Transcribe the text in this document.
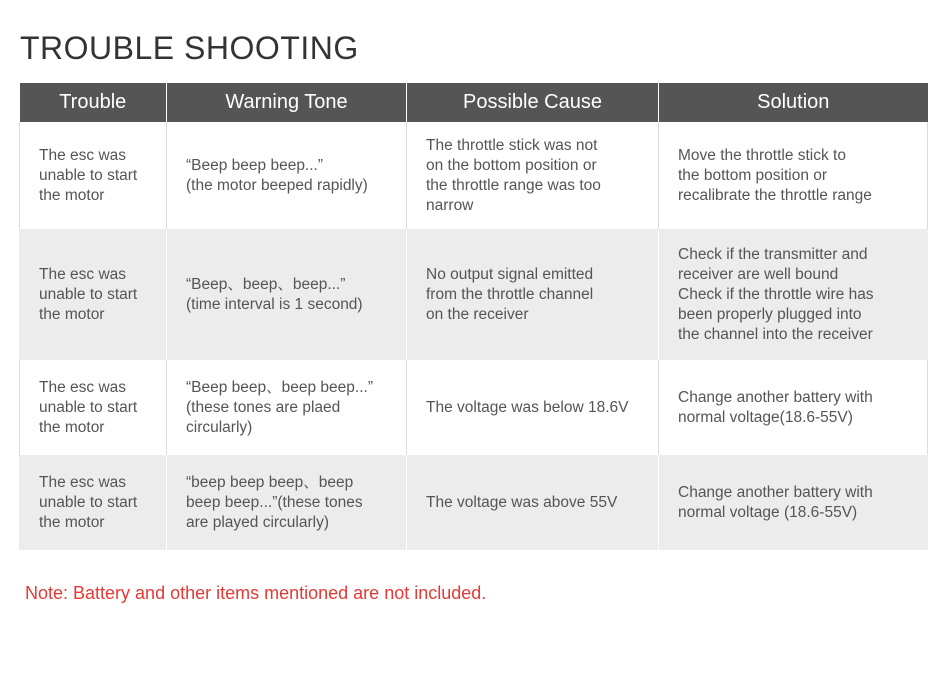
TROUBLE SHOOTING
Trouble	Warning Tone	Possible Cause	Solution

The esc was
unable to start
the motor	“Beep beep beep...”
(the motor beeped rapidly)	The throttle stick was not
on the bottom position or
the throttle range was too
narrow	Move the throttle stick to
the bottom position or
recalibrate the throttle range

The esc was
unable to start
the motor	“Beep、beep、beep...”
(time interval is 1 second)	No output signal emitted
from the throttle channel
on the receiver	Check if the transmitter and
receiver are well bound
Check if the throttle wire has
been properly plugged into
the channel into the receiver

The esc was
unable to start
the motor	“Beep beep、beep beep...”
(these tones are plaed
circularly)	The voltage was below 18.6V	Change another battery with
normal voltage(18.6-55V)

The esc was
unable to start
the motor	“beep beep beep、beep
beep beep...”(these tones
are played circularly)	The voltage was above 55V	Change another battery with
normal voltage (18.6-55V)
Note: Battery and other items mentioned are not included.
